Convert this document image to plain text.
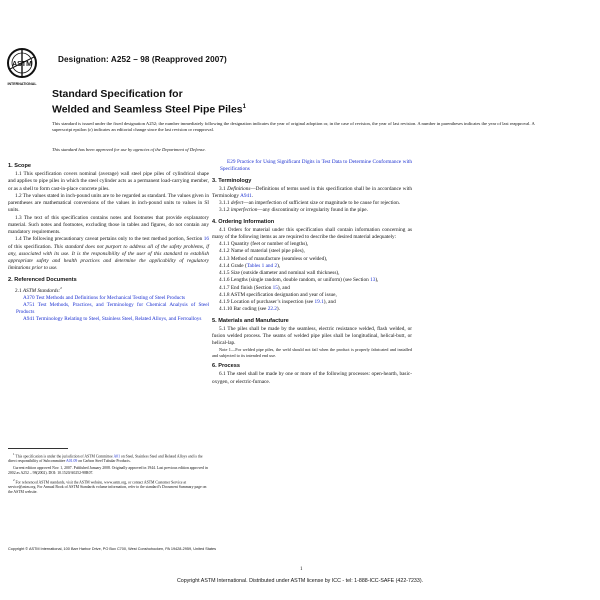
ASTM
INTERNATIONAL
Designation: A252 – 98 (Reapproved 2007)
Standard Specification for
Welded and Seamless Steel Pipe Piles$^1$
This standard is issued under the fixed designation A252; the number immediately following the designation indicates the year of original adoption or, in the case of revision, the year of last revision. A number in parentheses indicates the year of last reapproval. A superscript epsilon (ε) indicates an editorial change since the last revision or reapproval.
This standard has been approved for use by agencies of the Department of Defense.
1. Scope

1.1 This specification covers nominal (average) wall steel pipe piles of cylindrical shape and applies to pipe piles in which the steel cylinder acts as a permanent load-carrying member, or as a shell to form cast-in-place concrete piles.

1.2 The values stated in inch-pound units are to be regarded as standard. The values given in parentheses are mathematical conversions of the values in inch-pound units to values in SI units.

1.3 The text of this specification contains notes and footnotes that provide explanatory material. Such notes and footnotes, excluding those in tables and figures, do not contain any mandatory requirements.

1.4 The following precautionary caveat pertains only to the test method portion, Section 16 of this specification. This standard does not purport to address all of the safety problems, if any, associated with its use. It is the responsibility of the user of this standard to establish appropriate safety and health practices and determine the applicability of regulatory limitations prior to use.

2. Referenced Documents

2.1 ASTM Standards:$^2$

A370 Test Methods and Definitions for Mechanical Testing of Steel Products

A751 Test Methods, Practices, and Terminology for Chemical Analysis of Steel Products

A941 Terminology Relating to Steel, Stainless Steel, Related Alloys, and Ferroalloys

$^1$ This specification is under the jurisdiction of ASTM Committee A01 on Steel, Stainless Steel and Related Alloys and is the direct responsibility of Subcommittee A01.09 on Carbon Steel Tubular Products.

Current edition approved Nov. 1, 2007. Published January 2008. Originally approved in 1944. Last previous edition approved in 2002 as A252 – 98(2002). DOI: 10.1520/A0252-98R07.

$^2$ For referenced ASTM standards, visit the ASTM website, www.astm.org, or contact ASTM Customer Service at service@astm.org. For Annual Book of ASTM Standards volume information, refer to the standard’s Document Summary page on the ASTM website.

E29 Practice for Using Significant Digits in Test Data to Determine Conformance with Specifications

3. Terminology

3.1 Definitions—Definitions of terms used in this specification shall be in accordance with Terminology A941.

3.1.1 defect—an imperfection of sufficient size or magnitude to be cause for rejection.

3.1.2 imperfection—any discontinuity or irregularity found in the pipe.

4. Ordering Information

4.1 Orders for material under this specification shall contain information concerning as many of the following items as are required to describe the desired material adequately:

4.1.1 Quantity (feet or number of lengths),

4.1.2 Name of material (steel pipe piles),

4.1.3 Method of manufacture (seamless or welded),

4.1.4 Grade (Tables 1 and 2),

4.1.5 Size (outside diameter and nominal wall thickness),

4.1.6 Lengths (single random, double random, or uniform) (see Section 13),

4.1.7 End finish (Section 15), and

4.1.8 ASTM specification designation and year of issue,

4.1.9 Location of purchaser’s inspection (see 19.1), and

4.1.10 Bar coding (see 22.2).

5. Materials and Manufacture

5.1 The piles shall be made by the seamless, electric resistance welded, flash welded, or fusion welded process. The seams of welded pipe piles shall be longitudinal, helical-butt, or helical-lap.

Note 1—For welded pipe piles, the weld should not fail when the product is properly fabricated and installed and subjected to its intended end use.

6. Process

6.1 The steel shall be made by one or more of the following processes: open-hearth, basic-oxygen, or electric-furnace.

Copyright © ASTM International, 100 Barr Harbor Drive, PO Box C700, West Conshohocken, PA 19428-2959, United States
1
Copyright ASTM International. Distributed under ASTM license by ICC - tel: 1-888-ICC-SAFE (422-7233).
